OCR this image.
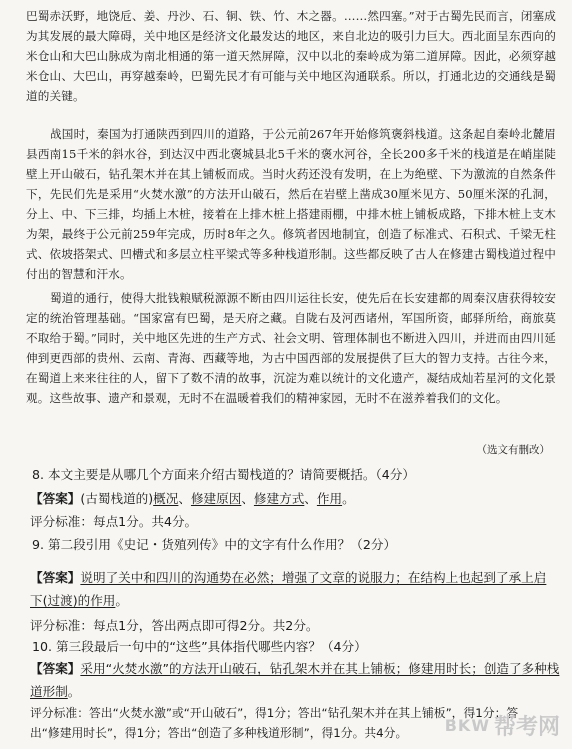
巴蜀赤沃野，地饶卮、姜、丹沙、石、铜、铁、竹、木之器。……然四塞。”对于古蜀先民而言，闭塞成为其发展的最大障碍，关中地区是经济文化最发达的地区，来自北边的吸引力巨大。西北面呈东西向的米仓山和大巴山脉成为南北相通的第一道天然屏障，汉中以北的秦岭成为第二道屏障。因此，必须穿越米仓山、大巴山，再穿越秦岭，巴蜀先民才有可能与关中地区沟通联系。所以，打通北边的交通线是蜀道的关键。
战国时，秦国为打通陕西到四川的道路，于公元前267年开始修筑褒斜栈道。这条起自秦岭北麓眉县西南15千米的斜水谷，到达汉中西北褒城县北5千米的褒水河谷，全长200多千米的栈道是在峭崖陡壁上开山破石，钻孔架木并在其上铺板而成。当时火药还没有发明，在上为绝壁、下为激流的自然条件下，先民们先是采用“火焚水激”的方法开山破石，然后在岩壁上凿成30厘米见方、50厘米深的孔洞，分上、中、下三排，均插上木桩，接着在上排木桩上搭建雨棚，中排木桩上铺板成路，下排木桩上支木为架，最终于公元前259年完成，历时8年之久。修筑者因地制宜，创造了标准式、石积式、千梁无柱式、依坡搭架式、凹槽式和多层立柱平梁式等多种栈道形制。这些都反映了古人在修建古蜀栈道过程中付出的智慧和汗水。
蜀道的通行，使得大批钱粮赋税源源不断由四川运往长安，使先后在长安建都的周秦汉唐获得较安定的统治管理基础。“国家富有巴蜀，是天府之藏。自陇右及河西诸州，军国所资，邮驿所给，商旅莫不取给于蜀。”同时，关中地区先进的生产方式、社会文明、管理体制也不断进入四川，并进而由四川延伸到更西部的贵州、云南、青海、西藏等地，为古中国西部的发展提供了巨大的智力支持。古往今来，在蜀道上来来往往的人，留下了数不清的故事，沉淀为难以统计的文化遗产，凝结成灿若星河的文化景观。这些故事、遗产和景观，无时不在温暖着我们的精神家园，无时不在滋养着我们的文化。
（选文有删改）
8. 本文主要是从哪几个方面来介绍古蜀栈道的？请简要概括。（4分）
【答案】(古蜀栈道的)概况、修建原因、修建方式、作用。
评分标准：每点1分。共4分。
9. 第二段引用《史记・货殖列传》中的文字有什么作用？（2分）
【答案】说明了关中和四川的沟通势在必然；增强了文章的说服力；在结构上也起到了承上启
下(过渡)的作用。
评分标准：每点1分，答出两点即可得2分。共2分。
10. 第三段最后一句中的“这些”具体指代哪些内容？（4分）
【答案】采用“火焚水激”的方法开山破石，钻孔架木并在其上铺板；修建用时长；创造了多种栈
道形制。
评分标准：答出“火焚水激”或“开山破石”，得1分；答出“钻孔架木并在其上铺板”，得1分；答
出“修建用时长”，得1分；答出“创造了多种栈道形制”，得1分。共4分。	BKW 帮考网
